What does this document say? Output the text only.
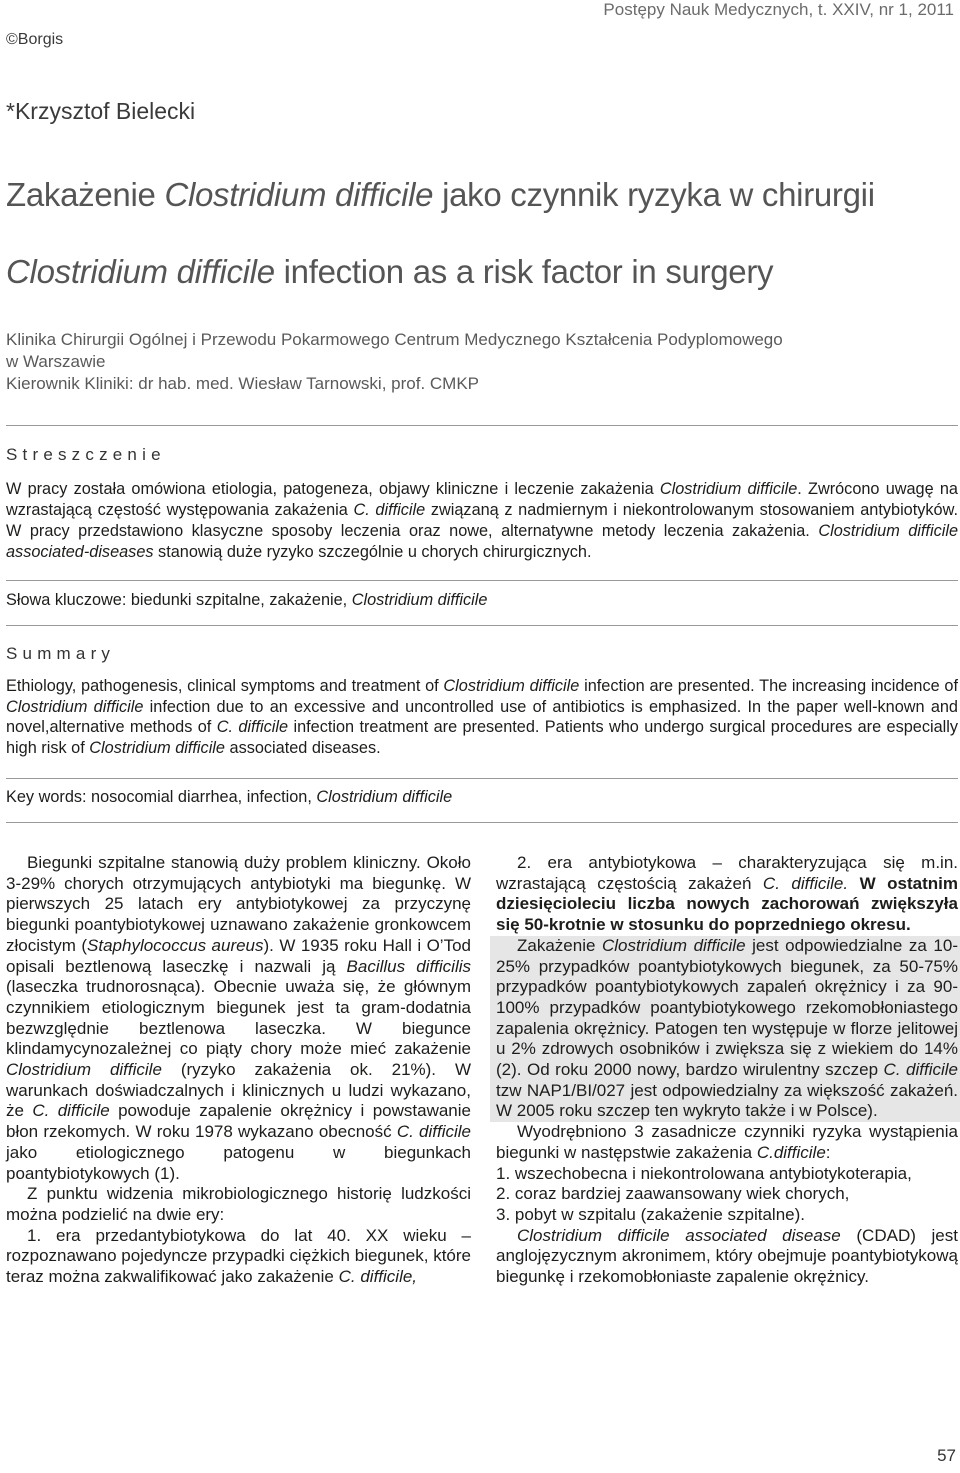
Postępy Nauk Medycznych, t. XXIV, nr 1, 2011
©Borgis
*Krzysztof Bielecki
Zakażenie Clostridium difficile jako czynnik ryzyka w chirurgii
Clostridium difficile infection as a risk factor in surgery
Klinika Chirurgii Ogólnej i Przewodu Pokarmowego Centrum Medycznego Kształcenia Podyplomowego
w Warszawie
Kierownik Kliniki: dr hab. med. Wiesław Tarnowski, prof. CMKP
Streszczenie

W pracy została omówiona etiologia, patogeneza, objawy kliniczne i leczenie zakażenia Clostridium difficile. Zwrócono uwagę na wzrastającą częstość występowania zakażenia C. difficile związaną z nadmiernym i niekontrolowanym stosowaniem antybiotyków. W pracy przedstawiono klasyczne sposoby leczenia oraz nowe, alternatywne metody leczenia zakażenia. Clostridium difficile associated-diseases stanowią duże ryzyko szczególnie u chorych chirurgicznych.

Słowa kluczowe: biedunki szpitalne, zakażenie, Clostridium difficile
Summary

Ethiology, pathogenesis, clinical symptoms and treatment of Clostridium difficile infection are presented. The increasing incidence of Clostridium difficile infection due to an excessive and uncontrolled use of antibiotics is emphasized. In the paper well-known and novel,alternative methods of C. difficile infection treatment are presented. Patients who undergo surgical procedures are especially high risk of Clostridium difficile associated diseases.

Key words: nosocomial diarrhea, infection, Clostridium difficile

Biegunki szpitalne stanowią duży problem kliniczny. Około 3-29% chorych otrzymujących antybiotyki ma biegunkę. W pierwszych 25 latach ery antybiotykowej za przyczynę biegunki poantybiotykowej uznawano zakażenie gronkowcem złocistym (Staphylococcus aureus). W 1935 roku Hall i O’Tod opisali beztlenową laseczkę i nazwali ją Bacillus difficilis (laseczka trudnorosnąca). Obecnie uważa się, że głównym czynnikiem etiologicznym biegunek jest ta gram-dodatnia bezwzględnie beztlenowa laseczka. W biegunce klindamycynozależnej co piąty chory może mieć zakażenie Clostridium difficile (ryzyko zakażenia ok. 21%). W warunkach doświadczalnych i klinicznych u ludzi wykazano, że C. difficile powoduje zapalenie okrężnicy i powstawanie błon rzekomych. W roku 1978 wykazano obecność C. difficile jako etiologicznego patogenu w biegunkach poantybiotykowych (1).

Z punktu widzenia mikrobiologicznego historię ludzkości można podzielić na dwie ery:

1. era przedantybiotykowa do lat 40. XX wieku – rozpoznawano pojedyncze przypadki ciężkich biegunek, które teraz można zakwalifikować jako zakażenie C. difficile,

2. era antybiotykowa – charakteryzująca się m.in. wzrastającą częstością zakażeń C. difficile. W ostatnim dziesięcioleciu liczba nowych zachorowań zwiększyła się 50-krotnie w stosunku do poprzedniego okresu.

Zakażenie Clostridium difficile jest odpowiedzialne za 10-25% przypadków poantybiotykowych biegunek, za 50-75% przypadków poantybiotykowych zapaleń okrężnicy i za 90-100% przypadków poantybiotykowego rzekomobłoniastego zapalenia okrężnicy. Patogen ten występuje w florze jelitowej u 2% zdrowych osobników i zwiększa się z wiekiem do 14% (2). Od roku 2000 nowy, bardzo wirulentny szczep C. difficile tzw NAP1/BI/027 jest odpowiedzialny za większość zakażeń. W 2005 roku szczep ten wykryto także i w Polsce).

Wyodrębniono 3 zasadnicze czynniki ryzyka wystąpienia biegunki w następstwie zakażenia C.difficile:

1. wszechobecna i niekontrolowana antybiotykoterapia,
2. coraz bardziej zaawansowany wiek chorych,
3. pobyt w szpitalu (zakażenie szpitalne).

Clostridium difficile associated disease (CDAD) jest anglojęzycznym akronimem, który obejmuje poantybiotykową biegunkę i rzekomobłoniaste zapalenie okrężnicy.

57
